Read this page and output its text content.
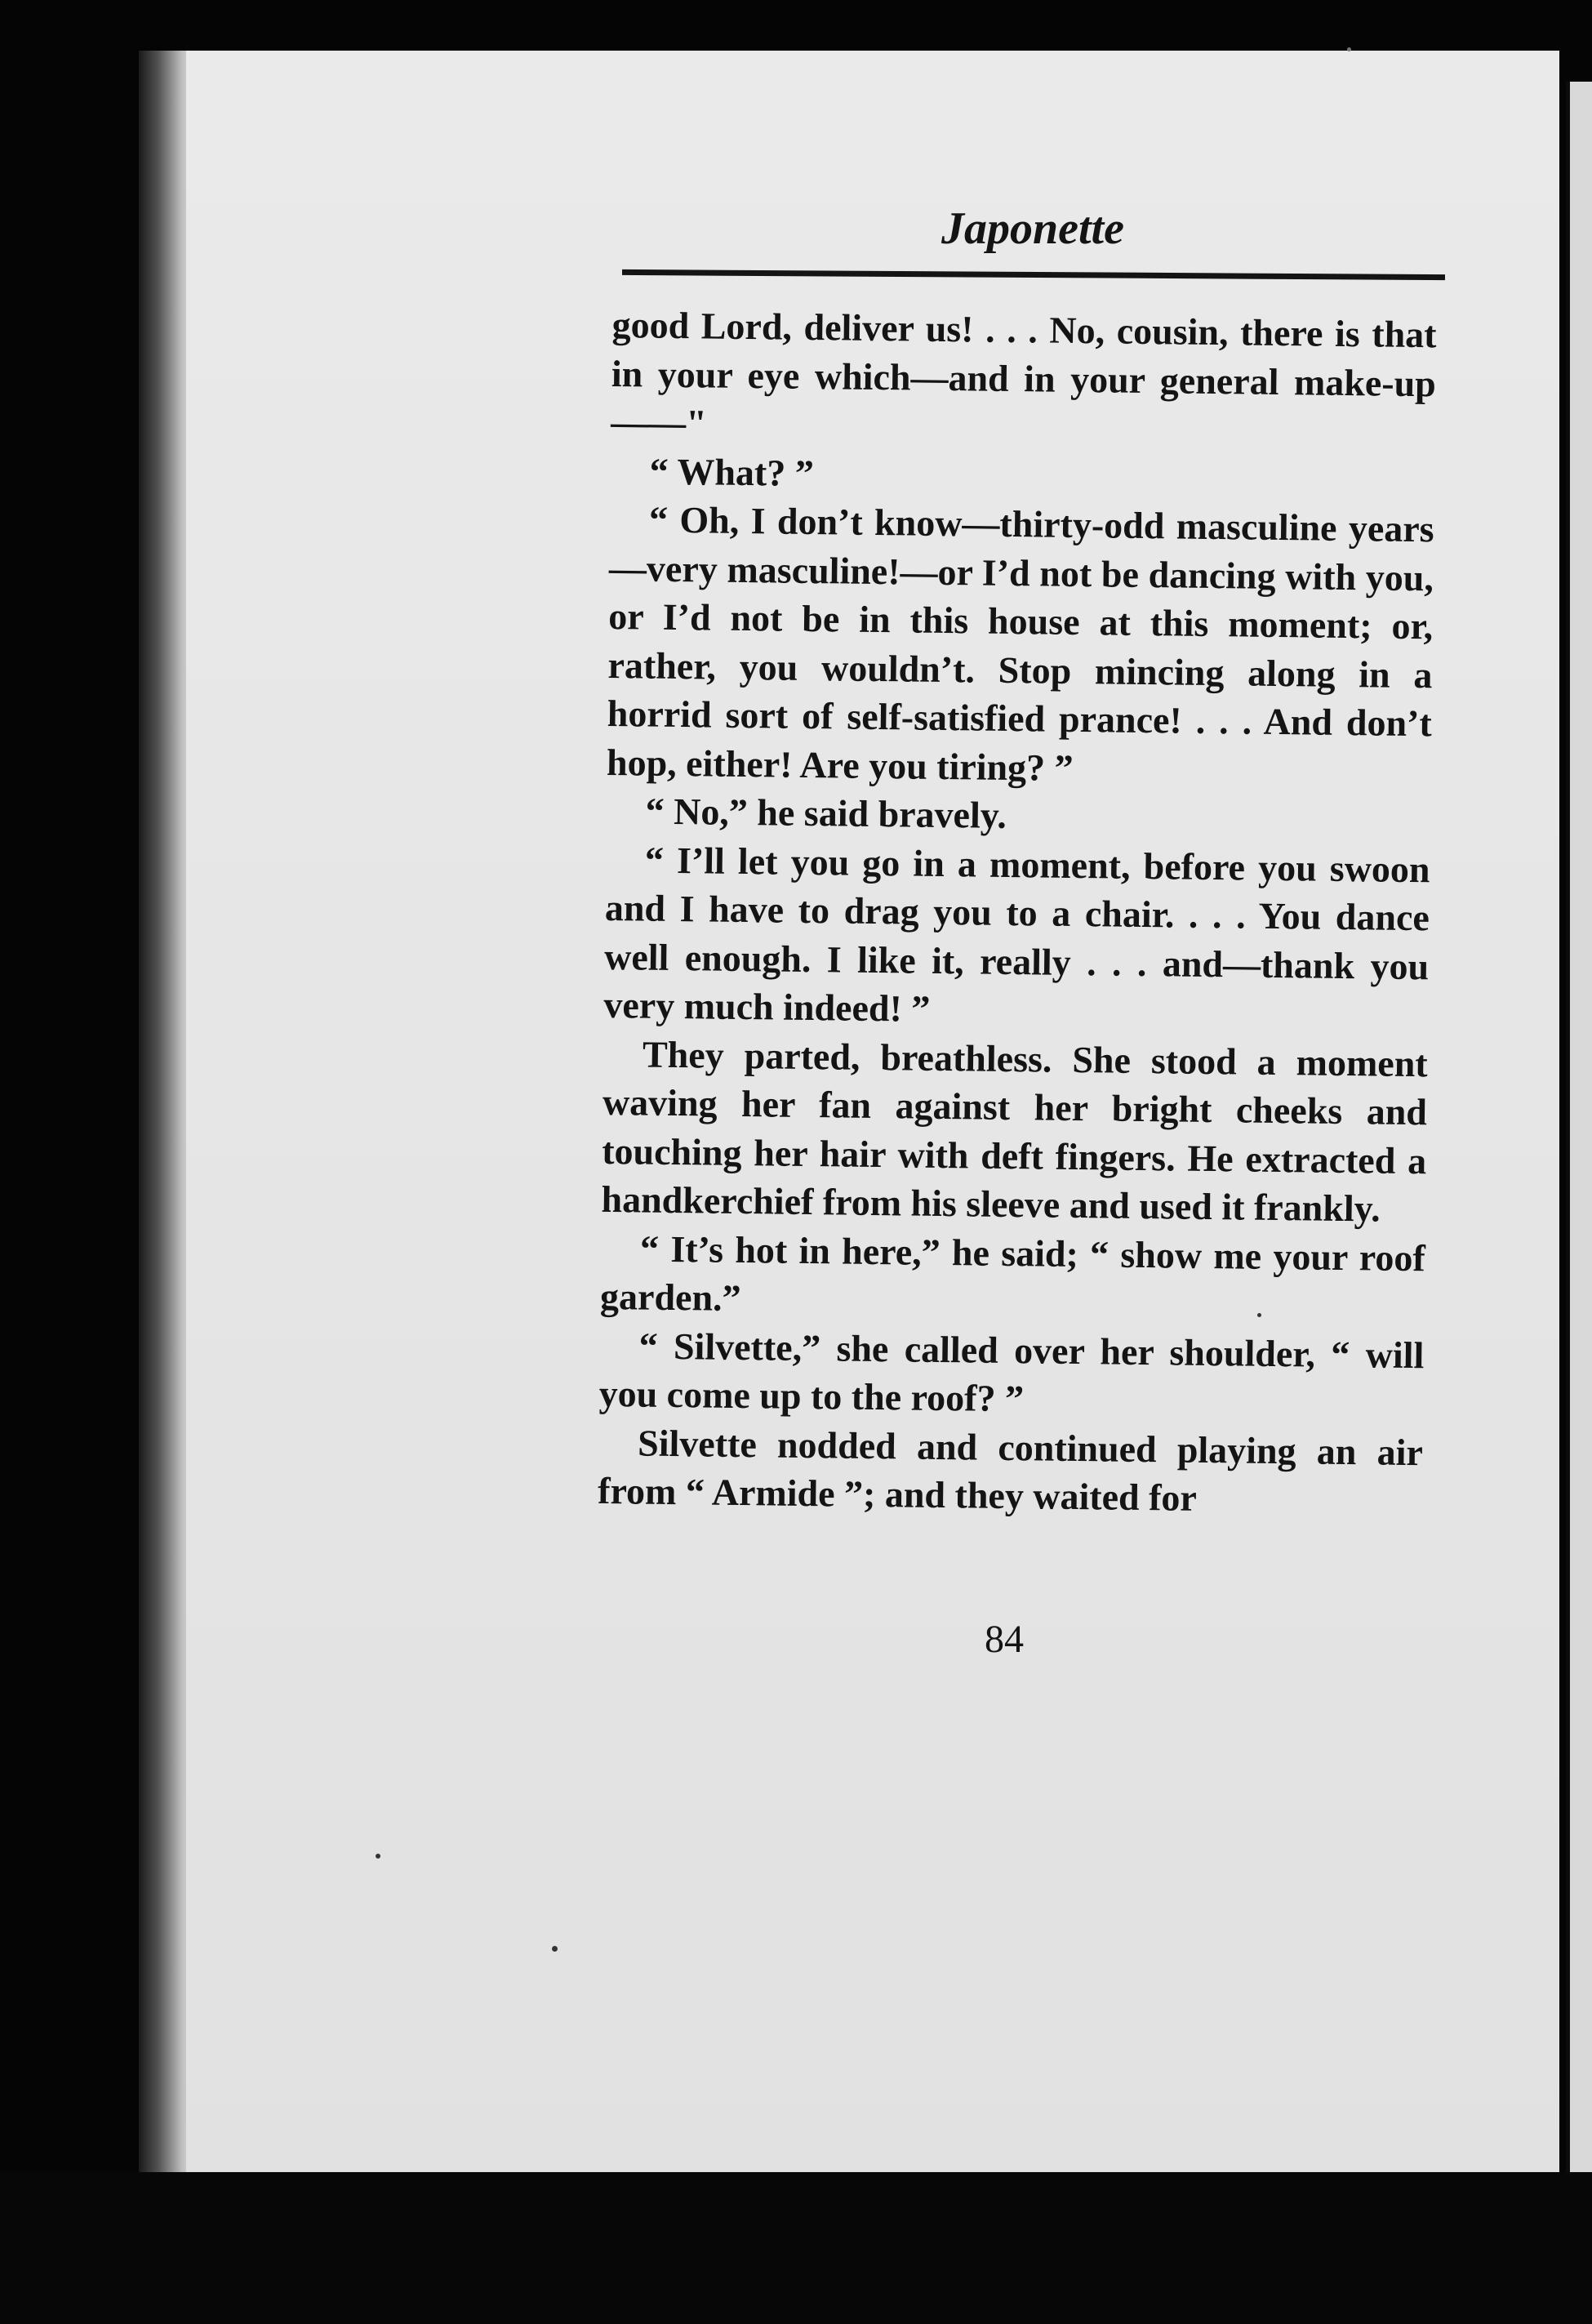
Japonette

good Lord, deliver us! . . . No, cousin, there is that in your eye which—and in your general make-up——"

“ What? ”

“ Oh, I don’t know—thirty-odd masculine years—very masculine!—or I’d not be dancing with you, or I’d not be in this house at this moment; or, rather, you wouldn’t. Stop mincing along in a horrid sort of self-satisfied prance! . . . And don’t hop, either! Are you tiring? ”

“ No,” he said bravely.

“ I’ll let you go in a moment, before you swoon and I have to drag you to a chair. . . . You dance well enough. I like it, really . . . and—thank you very much indeed! ”

They parted, breathless. She stood a moment waving her fan against her bright cheeks and touching her hair with deft fingers. He extracted a handkerchief from his sleeve and used it frankly.

“ It’s hot in here,” he said; “ show me your roof garden.”

“ Silvette,” she called over her shoulder, “ will you come up to the roof? ”

Silvette nodded and continued playing an air from “ Armide ”; and they waited for

84
